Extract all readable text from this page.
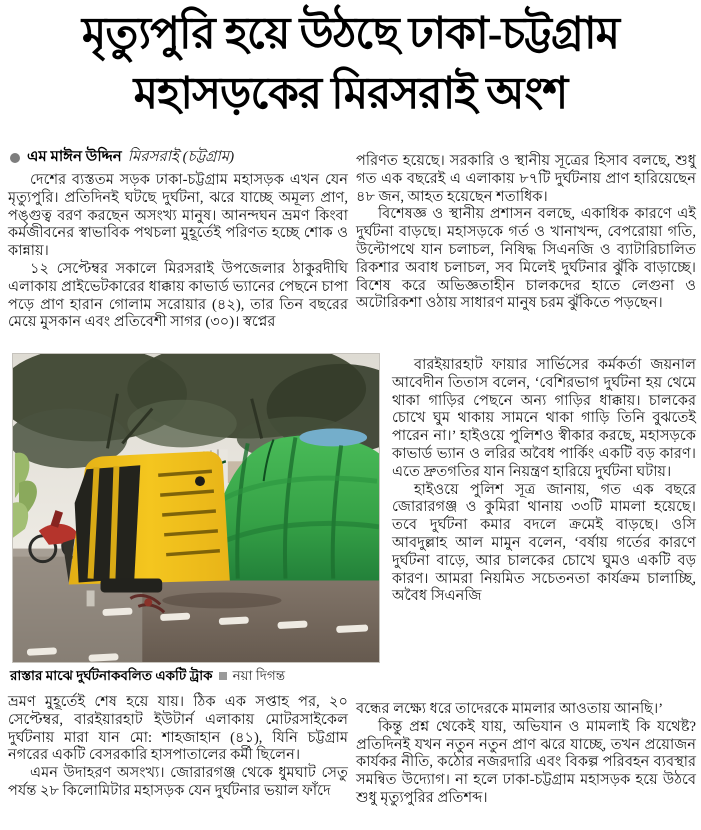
মৃত্যুপুরি হয়ে উঠছে ঢাকা-চট্টগ্রাম
মহাসড়কের মিরসরাই অংশ
এম মাঈন উদ্দিন মিরসরাই (চট্টগ্রাম)

দেশের ব্যস্ততম সড়ক ঢাকা-চট্টগ্রাম মহাসড়ক এখন যেন মৃত্যুপুরি। প্রতিদিনই ঘটছে দুর্ঘটনা, ঝরে যাচ্ছে অমূল্য প্রাণ, পঙ্গুত্ব বরণ করছেন অসংখ্য মানুষ। আনন্দঘন ভ্রমণ কিংবা কর্মজীবনের স্বাভাবিক পথচলা মুহূর্তেই পরিণত হচ্ছে শোক ও কান্নায়।

১২ সেপ্টেম্বর সকালে মিরসরাই উপজেলার ঠাকুরদীঘি এলাকায় প্রাইভেটকারের ধাক্কায় কাভার্ড ভ্যানের পেছনে চাপা পড়ে প্রাণ হারান গোলাম সরোয়ার (৪২), তার তিন বছরের মেয়ে মুসকান এবং প্রতিবেশী সাগর (৩০)। স্বপ্নের

পরিণত হয়েছে। সরকারি ও স্থানীয় সূত্রের হিসাব বলছে, শুধু গত এক বছরেই এ এলাকায় ৮৭টি দুর্ঘটনায় প্রাণ হারিয়েছেন ৪৮ জন, আহত হয়েছেন শতাধিক।

বিশেষজ্ঞ ও স্থানীয় প্রশাসন বলছে, একাধিক কারণে এই দুর্ঘটনা বাড়ছে। মহাসড়কে গর্ত ও খানাখন্দ, বেপরোয়া গতি, উল্টোপথে যান চলাচল, নিষিদ্ধ সিএনজি ও ব্যাটারিচালিত রিকশার অবাধ চলাচল, সব মিলেই দুর্ঘটনার ঝুঁকি বাড়াচ্ছে। বিশেষ করে অভিজ্ঞতাহীন চালকদের হাতে লেগুনা ও অটোরিকশা ওঠায় সাধারণ মানুষ চরম ঝুঁকিতে পড়ছেন।

বারইয়ারহাট ফায়ার সার্ভিসের কর্মকর্তা জয়নাল আবেদীন তিতাস বলেন, ‘বেশিরভাগ দুর্ঘটনা হয় থেমে থাকা গাড়ির পেছনে অন্য গাড়ির ধাক্কায়। চালকের চোখে ঘুম থাকায় সামনে থাকা গাড়ি তিনি বুঝতেই পারেন না।’ হাইওয়ে পুলিশও স্বীকার করছে, মহাসড়কে কাভার্ড ভ্যান ও লরির অবৈধ পার্কিং একটি বড় কারণ। এতে দ্রুতগতির যান নিয়ন্ত্রণ হারিয়ে দুর্ঘটনা ঘটায়।

হাইওয়ে পুলিশ সূত্র জানায়, গত এক বছরে জোরারগঞ্জ ও কুমিরা থানায় ৩৩টি মামলা হয়েছে। তবে দুর্ঘটনা কমার বদলে ক্রমেই বাড়ছে। ওসি আবদুল্লাহ আল মামুন বলেন, ‘বর্ষায় গর্তের কারণে দুর্ঘটনা বাড়ে, আর চালকের চোখে ঘুমও একটি বড় কারণ। আমরা নিয়মিত সচেতনতা কার্যক্রম চালাচ্ছি, অবৈধ সিএনজি

রাস্তার মাঝে দুর্ঘটনাকবলিত একটি ট্রাক নয়া দিগন্ত

ভ্রমণ মুহূর্তেই শেষ হয়ে যায়। ঠিক এক সপ্তাহ পর, ২০ সেপ্টেম্বর, বারইয়ারহাট ইউটার্ন এলাকায় মোটরসাইকেল দুর্ঘটনায় মারা যান মো: শাহজাহান (৪১), যিনি চট্টগ্রাম নগরের একটি বেসরকারি হাসপাতালের কর্মী ছিলেন।

এমন উদাহরণ অসংখ্য। জোরারগঞ্জ থেকে ধুমঘাট সেতু পর্যন্ত ২৮ কিলোমিটার মহাসড়ক যেন দুর্ঘটনার ভয়াল ফাঁদে

বন্ধের লক্ষ্যে ধরে তাদেরকে মামলার আওতায় আনছি।’

কিন্তু প্রশ্ন থেকেই যায়, অভিযান ও মামলাই কি যথেষ্ট? প্রতিদিনই যখন নতুন নতুন প্রাণ ঝরে যাচ্ছে, তখন প্রয়োজন কার্যকর নীতি, কঠোর নজরদারি এবং বিকল্প পরিবহন ব্যবস্থার সমন্বিত উদ্যোগ। না হলে ঢাকা-চট্টগ্রাম মহাসড়ক হয়ে উঠবে শুধু মৃত্যুপুরির প্রতিশব্দ।
